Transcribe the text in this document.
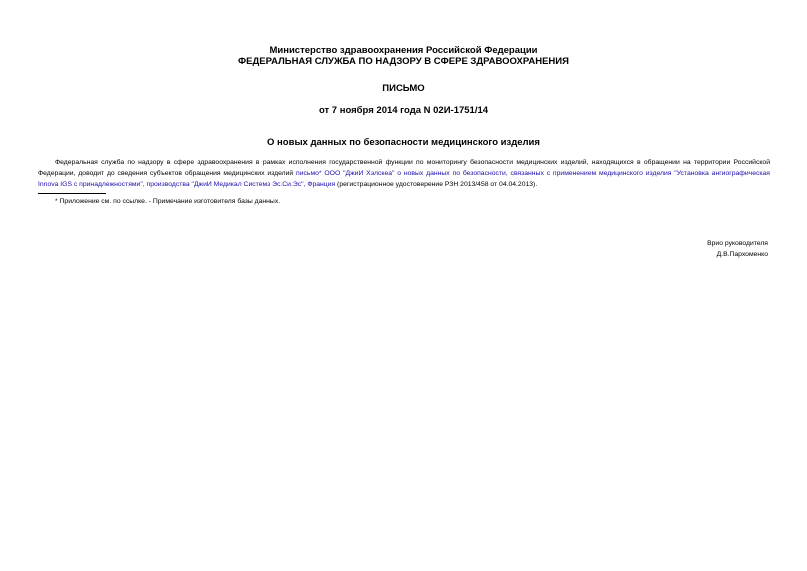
Министерство здравоохранения Российской Федерации
ФЕДЕРАЛЬНАЯ СЛУЖБА ПО НАДЗОРУ В СФЕРЕ ЗДРАВООХРАНЕНИЯ
ПИСЬМО
от 7 ноября 2014 года N 02И-1751/14
О новых данных по безопасности медицинского изделия

Федеральная служба по надзору в сфере здравоохранения в рамках исполнения государственной функции по мониторингу безопасности медицинских изделий, находящихся в обращении на территории Российской Федерации, доводит до сведения субъектов обращения медицинских изделий письмо* ООО "ДжиИ Хэлскеа" о новых данных по безопасности, связанных с применением медицинского изделия "Установка ангиографическая Innova IGS с принадлежностями", производства "ДжиИ Медикал Системз Эс.Си.Эс", Франция (регистрационное удостоверение РЗН 2013/458 от 04.04.2013).

* Приложение см. по ссылке. - Примечание изготовителя базы данных.
Врио руководителя
Д.В.Пархоменко
